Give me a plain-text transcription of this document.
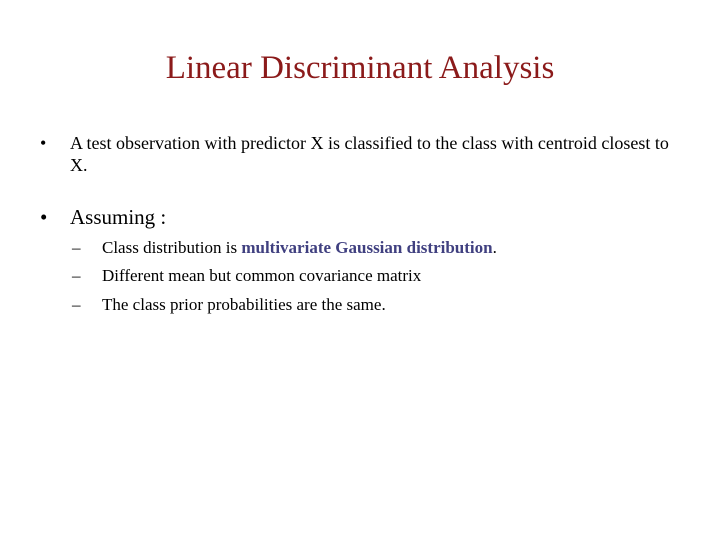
Linear Discriminant Analysis
• A test observation with predictor X is classified to the class with centroid closest to X.
• Assuming :
– Class distribution is multivariate Gaussian distribution.
– Different mean but common covariance matrix
– The class prior probabilities are the same.
